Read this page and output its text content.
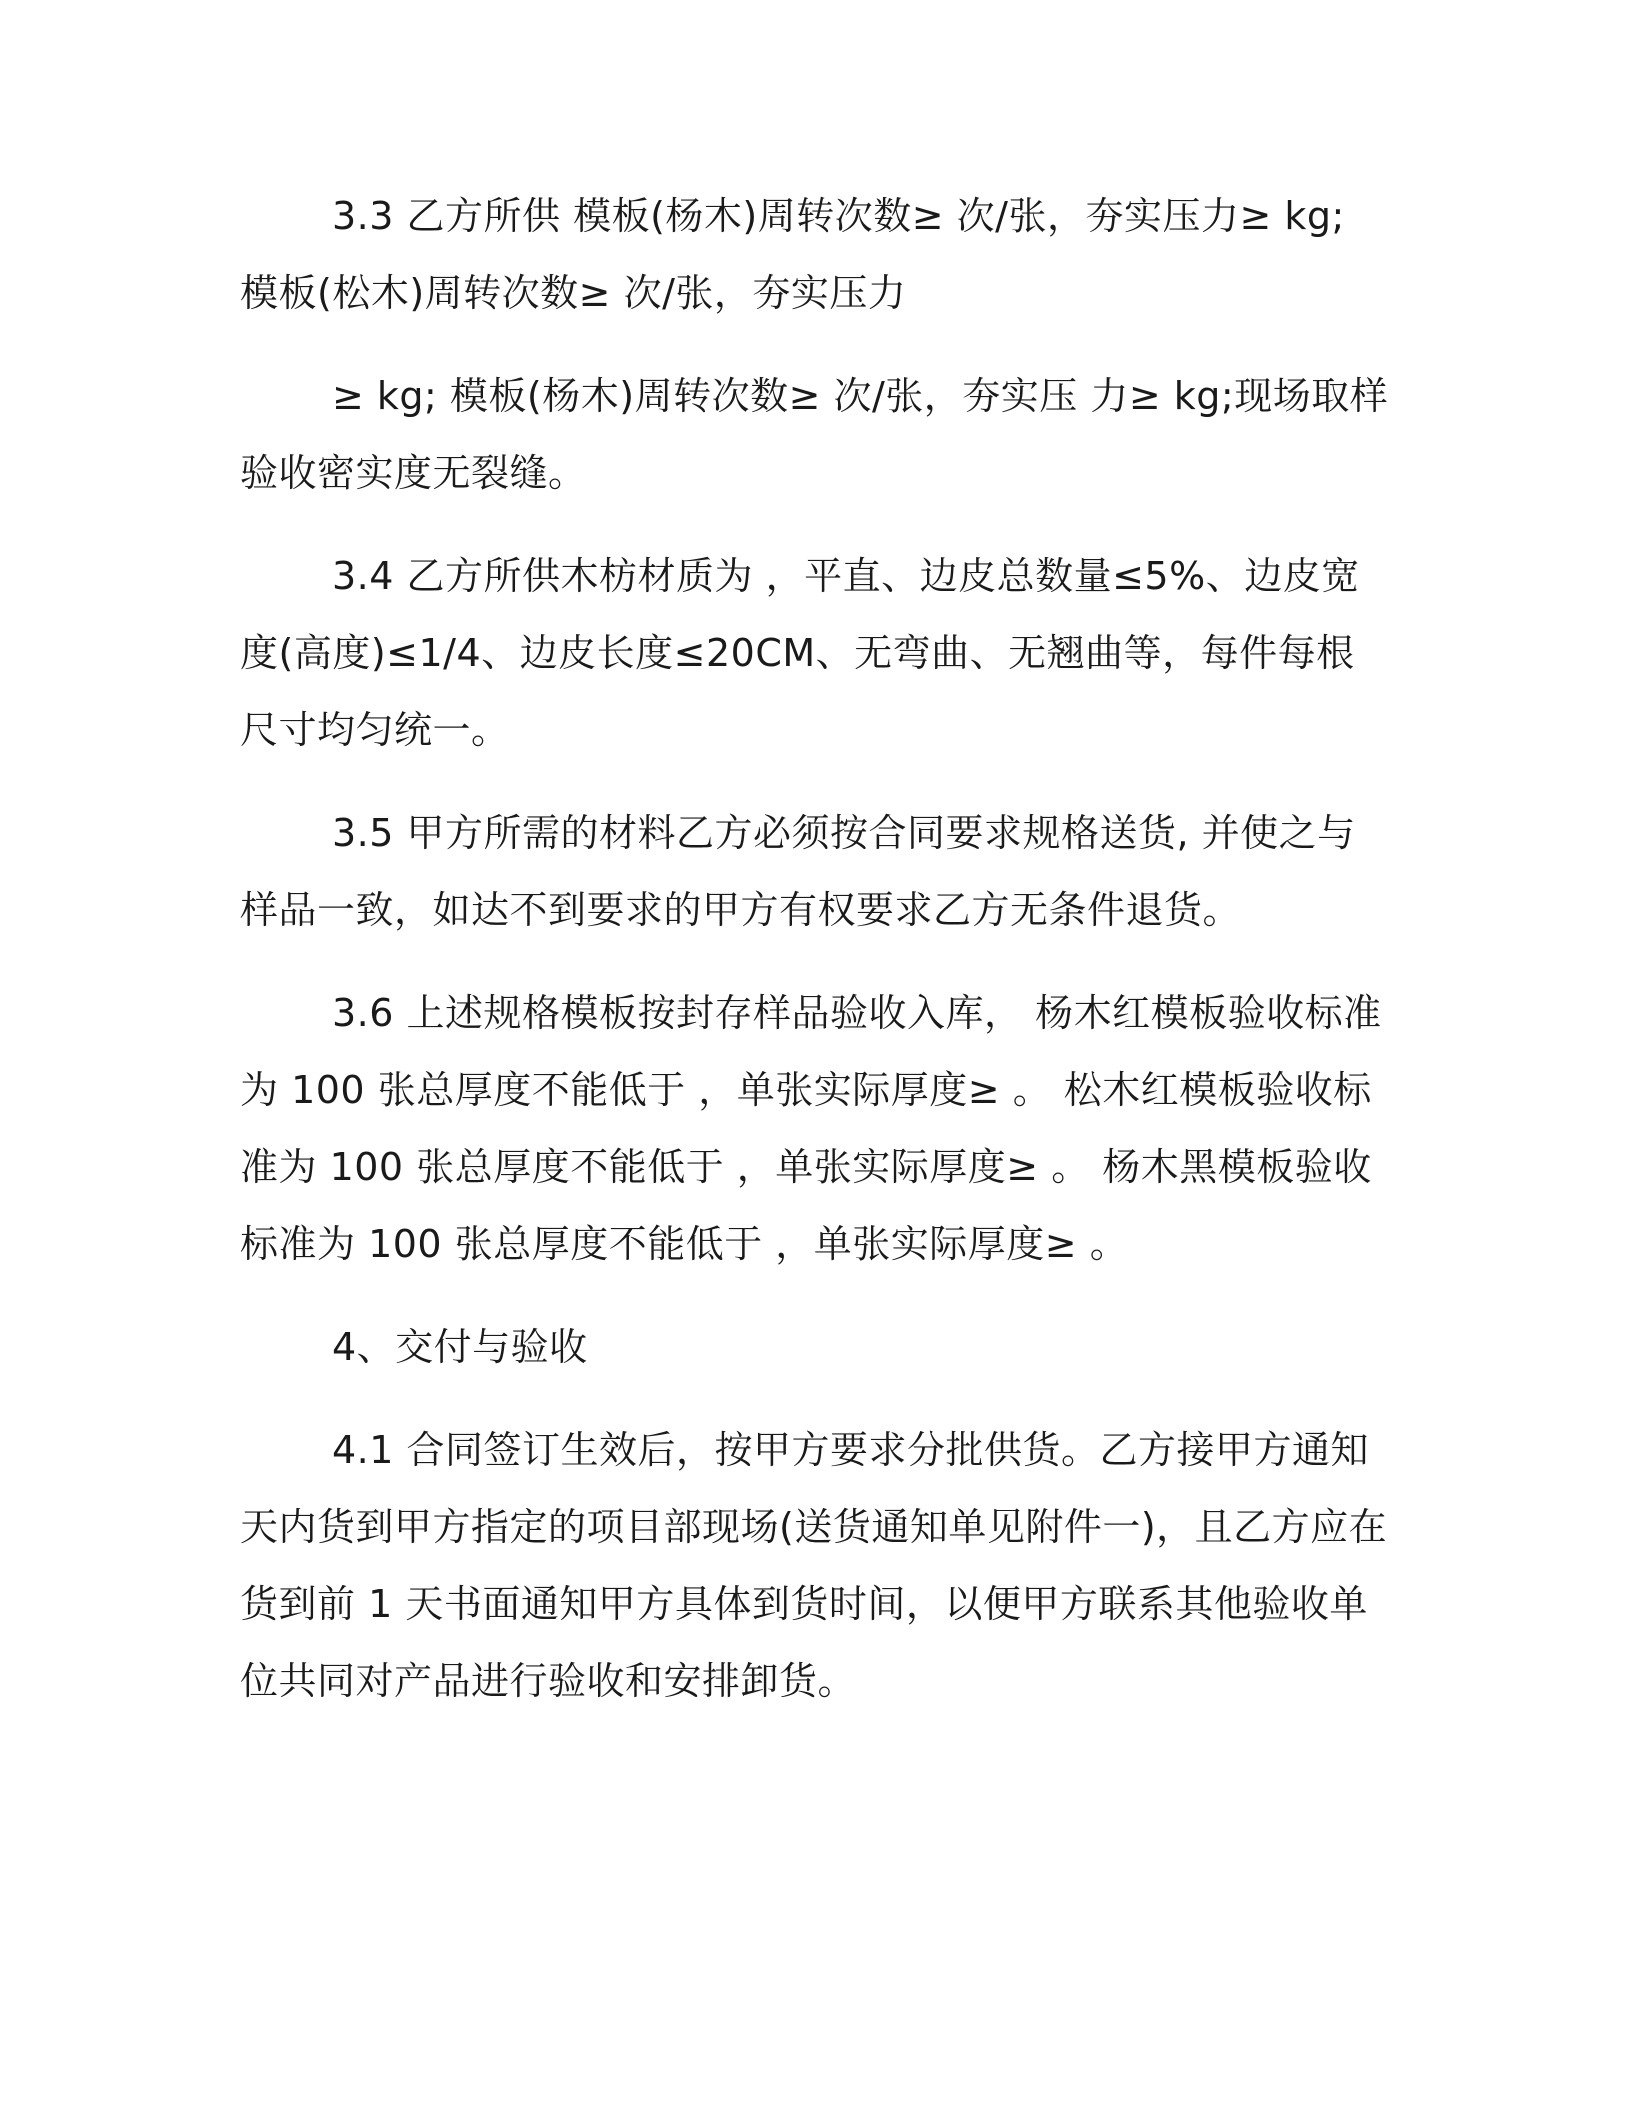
3.3 乙方所供 模板(杨木)周转次数≥ 次/张，夯实压力≥ kg; 模板(松木)周转次数≥ 次/张，夯实压力

≥ kg; 模板(杨木)周转次数≥ 次/张，夯实压 力≥ kg;现场取样验收密实度无裂缝。

3.4 乙方所供木枋材质为 ，平直、边皮总数量≤5%、边皮宽度(高度)≤1/4、边皮长度≤20CM、无弯曲、无翘曲等，每件每根尺寸均匀统一。

3.5 甲方所需的材料乙方必须按合同要求规格送货, 并使之与样品一致，如达不到要求的甲方有权要求乙方无条件退货。

3.6 上述规格模板按封存样品验收入库， 杨木红模板验收标准为 100 张总厚度不能低于 ，单张实际厚度≥ 。 松木红模板验收标准为 100 张总厚度不能低于 ，单张实际厚度≥ 。 杨木黑模板验收标准为 100 张总厚度不能低于 ，单张实际厚度≥ 。

4、交付与验收

4.1 合同签订生效后，按甲方要求分批供货。乙方接甲方通知 天内货到甲方指定的项目部现场(送货通知单见附件一)，且乙方应在货到前 1 天书面通知甲方具体到货时间，以便甲方联系其他验收单位共同对产品进行验收和安排卸货。
